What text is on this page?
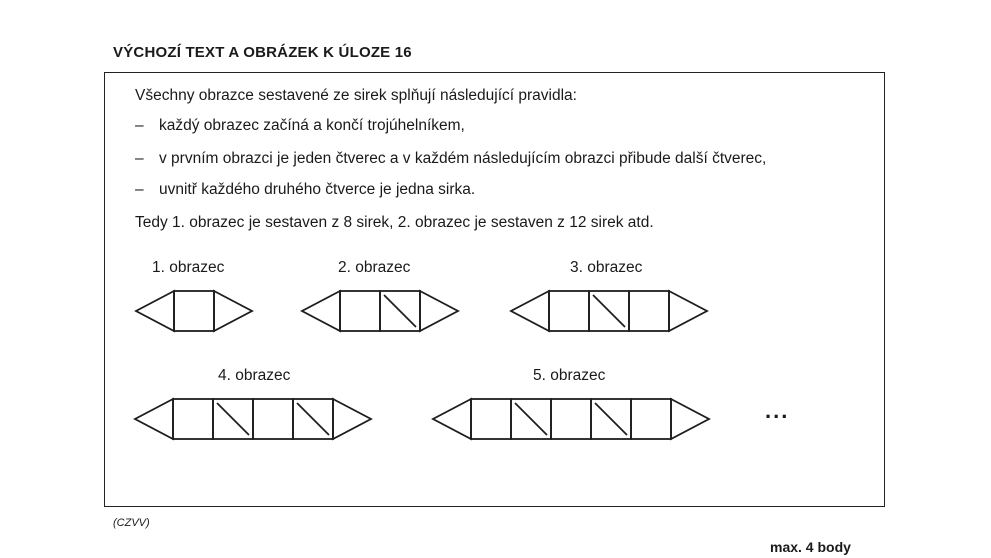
VÝCHOZÍ TEXT A OBRÁZEK K ÚLOZE 16
Všechny obrazce sestavené ze sirek splňují následující pravidla:
– každý obrazec začíná a končí trojúhelníkem,
– v prvním obrazci je jeden čtverec a v každém následujícím obrazci přibude další čtverec,
– uvnitř každého druhého čtverce je jedna sirka.
Tedy 1. obrazec je sestaven z 8 sirek, 2. obrazec je sestaven z 12 sirek atd.
1. obrazec	2. obrazec	3. obrazec
4. obrazec	5. obrazec
...
(CZVV)
max. 4 body
